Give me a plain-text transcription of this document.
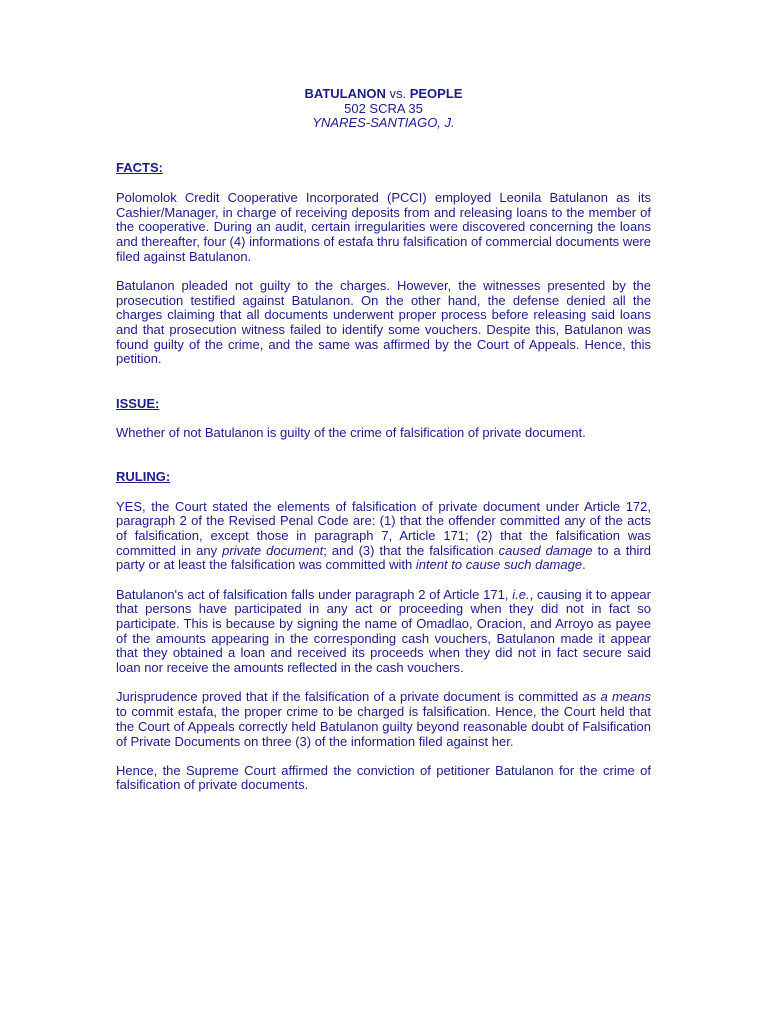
BATULANON vs. PEOPLE
502 SCRA 35
YNARES-SANTIAGO, J.
FACTS:

Polomolok Credit Cooperative Incorporated (PCCI) employed Leonila Batulanon as its Cashier/Manager, in charge of receiving deposits from and releasing loans to the member of the cooperative. During an audit, certain irregularities were discovered concerning the loans and thereafter, four (4) informations of estafa thru falsification of commercial documents were filed against Batulanon.

Batulanon pleaded not guilty to the charges. However, the witnesses presented by the prosecution testified against Batulanon. On the other hand, the defense denied all the charges claiming that all documents underwent proper process before releasing said loans and that prosecution witness failed to identify some vouchers. Despite this, Batulanon was found guilty of the crime, and the same was affirmed by the Court of Appeals. Hence, this petition.

ISSUE:

Whether of not Batulanon is guilty of the crime of falsification of private document.

RULING:

YES, the Court stated the elements of falsification of private document under Article 172, paragraph 2 of the Revised Penal Code are: (1) that the offender committed any of the acts of falsification, except those in paragraph 7, Article 171; (2) that the falsification was committed in any private document; and (3) that the falsification caused damage to a third party or at least the falsification was committed with intent to cause such damage.

Batulanon's act of falsification falls under paragraph 2 of Article 171, i.e., causing it to appear that persons have participated in any act or proceeding when they did not in fact so participate. This is because by signing the name of Omadlao, Oracion, and Arroyo as payee of the amounts appearing in the corresponding cash vouchers, Batulanon made it appear that they obtained a loan and received its proceeds when they did not in fact secure said loan nor receive the amounts reflected in the cash vouchers.

Jurisprudence proved that if the falsification of a private document is committed as a means to commit estafa, the proper crime to be charged is falsification. Hence, the Court held that the Court of Appeals correctly held Batulanon guilty beyond reasonable doubt of Falsification of Private Documents on three (3) of the information filed against her.

Hence, the Supreme Court affirmed the conviction of petitioner Batulanon for the crime of falsification of private documents.
